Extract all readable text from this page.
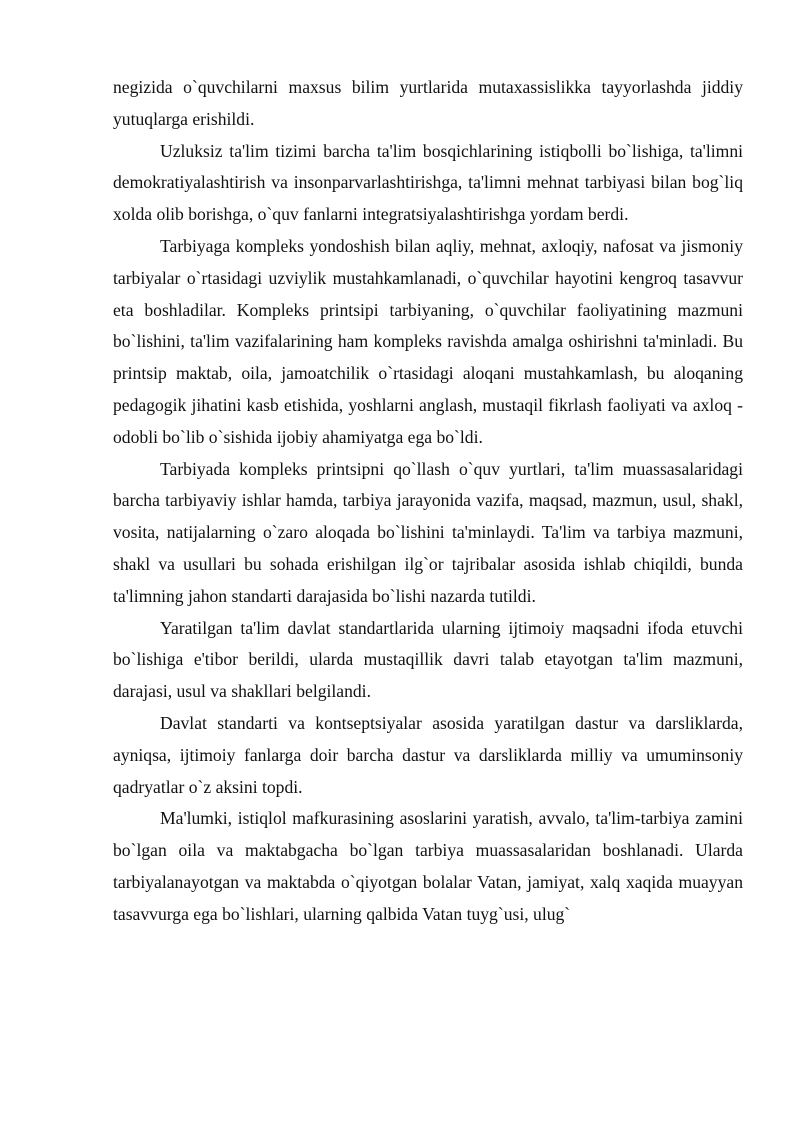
negizida o`quvchilarni maxsus bilim yurtlarida mutaxassislikka tayyorlashda jiddiy yutuqlarga erishildi.

Uzluksiz ta'lim tizimi barcha ta'lim bosqichlarining istiqbolli bo`lishiga, ta'limni demokratiyalashtirish va insonparvarlashtirishga, ta'limni mehnat tarbiyasi bilan bog`liq xolda olib borishga, o`quv fanlarni integratsiyalashtirishga yordam berdi.

Tarbiyaga kompleks yondoshish bilan aqliy, mehnat, axloqiy, nafosat va jismoniy tarbiyalar o`rtasidagi uzviylik mustahkamlanadi, o`quvchilar hayotini kengroq tasavvur eta boshladilar. Kompleks printsipi tarbiyaning, o`quvchilar faoliyatining mazmuni bo`lishini, ta'lim vazifalarining ham kompleks ravishda amalga oshirishni ta'minladi. Bu printsip maktab, oila, jamoatchilik o`rtasidagi aloqani mustahkamlash, bu aloqaning pedagogik jihatini kasb etishida, yoshlarni anglash, mustaqil fikrlash faoliyati va axloq - odobli bo`lib o`sishida ijobiy ahamiyatga ega bo`ldi.

Tarbiyada kompleks printsipni qo`llash o`quv yurtlari, ta'lim muassasalaridagi barcha tarbiyaviy ishlar hamda, tarbiya jarayonida vazifa, maqsad, mazmun, usul, shakl, vosita, natijalarning o`zaro aloqada bo`lishini ta'minlaydi. Ta'lim va tarbiya mazmuni, shakl va usullari bu sohada erishilgan ilg`or tajribalar asosida ishlab chiqildi, bunda ta'limning jahon standarti darajasida bo`lishi nazarda tutildi.

Yaratilgan ta'lim davlat standartlarida ularning ijtimoiy maqsadni ifoda etuvchi bo`lishiga e'tibor berildi, ularda mustaqillik davri talab etayotgan ta'lim mazmuni, darajasi, usul va shakllari belgilandi.

Davlat standarti va kontseptsiyalar asosida yaratilgan dastur va darsliklarda, ayniqsa, ijtimoiy fanlarga doir barcha dastur va darsliklarda milliy va umuminsoniy qadryatlar o`z aksini topdi.

Ma'lumki, istiqlol mafkurasining asoslarini yaratish, avvalo, ta'lim-tarbiya zamini bo`lgan oila va maktabgacha bo`lgan tarbiya muassasalaridan boshlanadi. Ularda tarbiyalanayotgan va maktabda o`qiyotgan bolalar Vatan, jamiyat, xalq xaqida muayyan tasavvurga ega bo`lishlari, ularning qalbida Vatan tuyg`usi, ulug`
